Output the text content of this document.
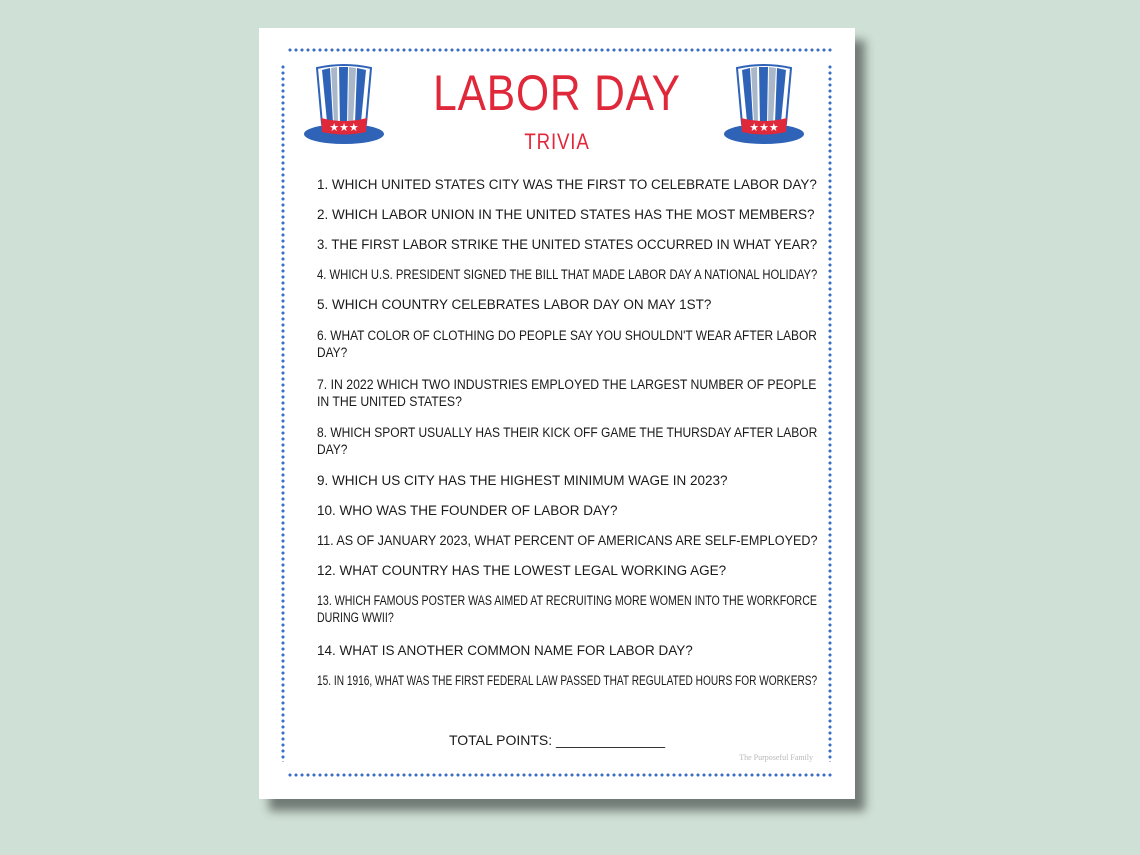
★★★	★★★
LABOR DAY
TRIVIA
1. WHICH UNITED STATES CITY WAS THE FIRST TO CELEBRATE LABOR DAY?
2. WHICH LABOR UNION IN THE UNITED STATES HAS THE MOST MEMBERS?
3. THE FIRST LABOR STRIKE THE UNITED STATES OCCURRED IN WHAT YEAR?
4. WHICH U.S. PRESIDENT SIGNED THE BILL THAT MADE LABOR DAY A NATIONAL HOLIDAY?
5. WHICH COUNTRY CELEBRATES LABOR DAY ON MAY 1ST?
6. WHAT COLOR OF CLOTHING DO PEOPLE SAY YOU SHOULDN'T WEAR AFTER LABOR
DAY?
7. IN 2022 WHICH TWO INDUSTRIES EMPLOYED THE LARGEST NUMBER OF PEOPLE
IN THE UNITED STATES?
8. WHICH SPORT USUALLY HAS THEIR KICK OFF GAME THE THURSDAY AFTER LABOR
DAY?
9. WHICH US CITY HAS THE HIGHEST MINIMUM WAGE IN 2023?
10. WHO WAS THE FOUNDER OF LABOR DAY?
11. AS OF JANUARY 2023, WHAT PERCENT OF AMERICANS ARE SELF-EMPLOYED?
12. WHAT COUNTRY HAS THE LOWEST LEGAL WORKING AGE?
13. WHICH FAMOUS POSTER WAS AIMED AT RECRUITING MORE WOMEN INTO THE WORKFORCE
DURING WWII?
14. WHAT IS ANOTHER COMMON NAME FOR LABOR DAY?
15. IN 1916, WHAT WAS THE FIRST FEDERAL LAW PASSED THAT REGULATED HOURS FOR WORKERS?
TOTAL POINTS: ______________
The Purposeful Family
